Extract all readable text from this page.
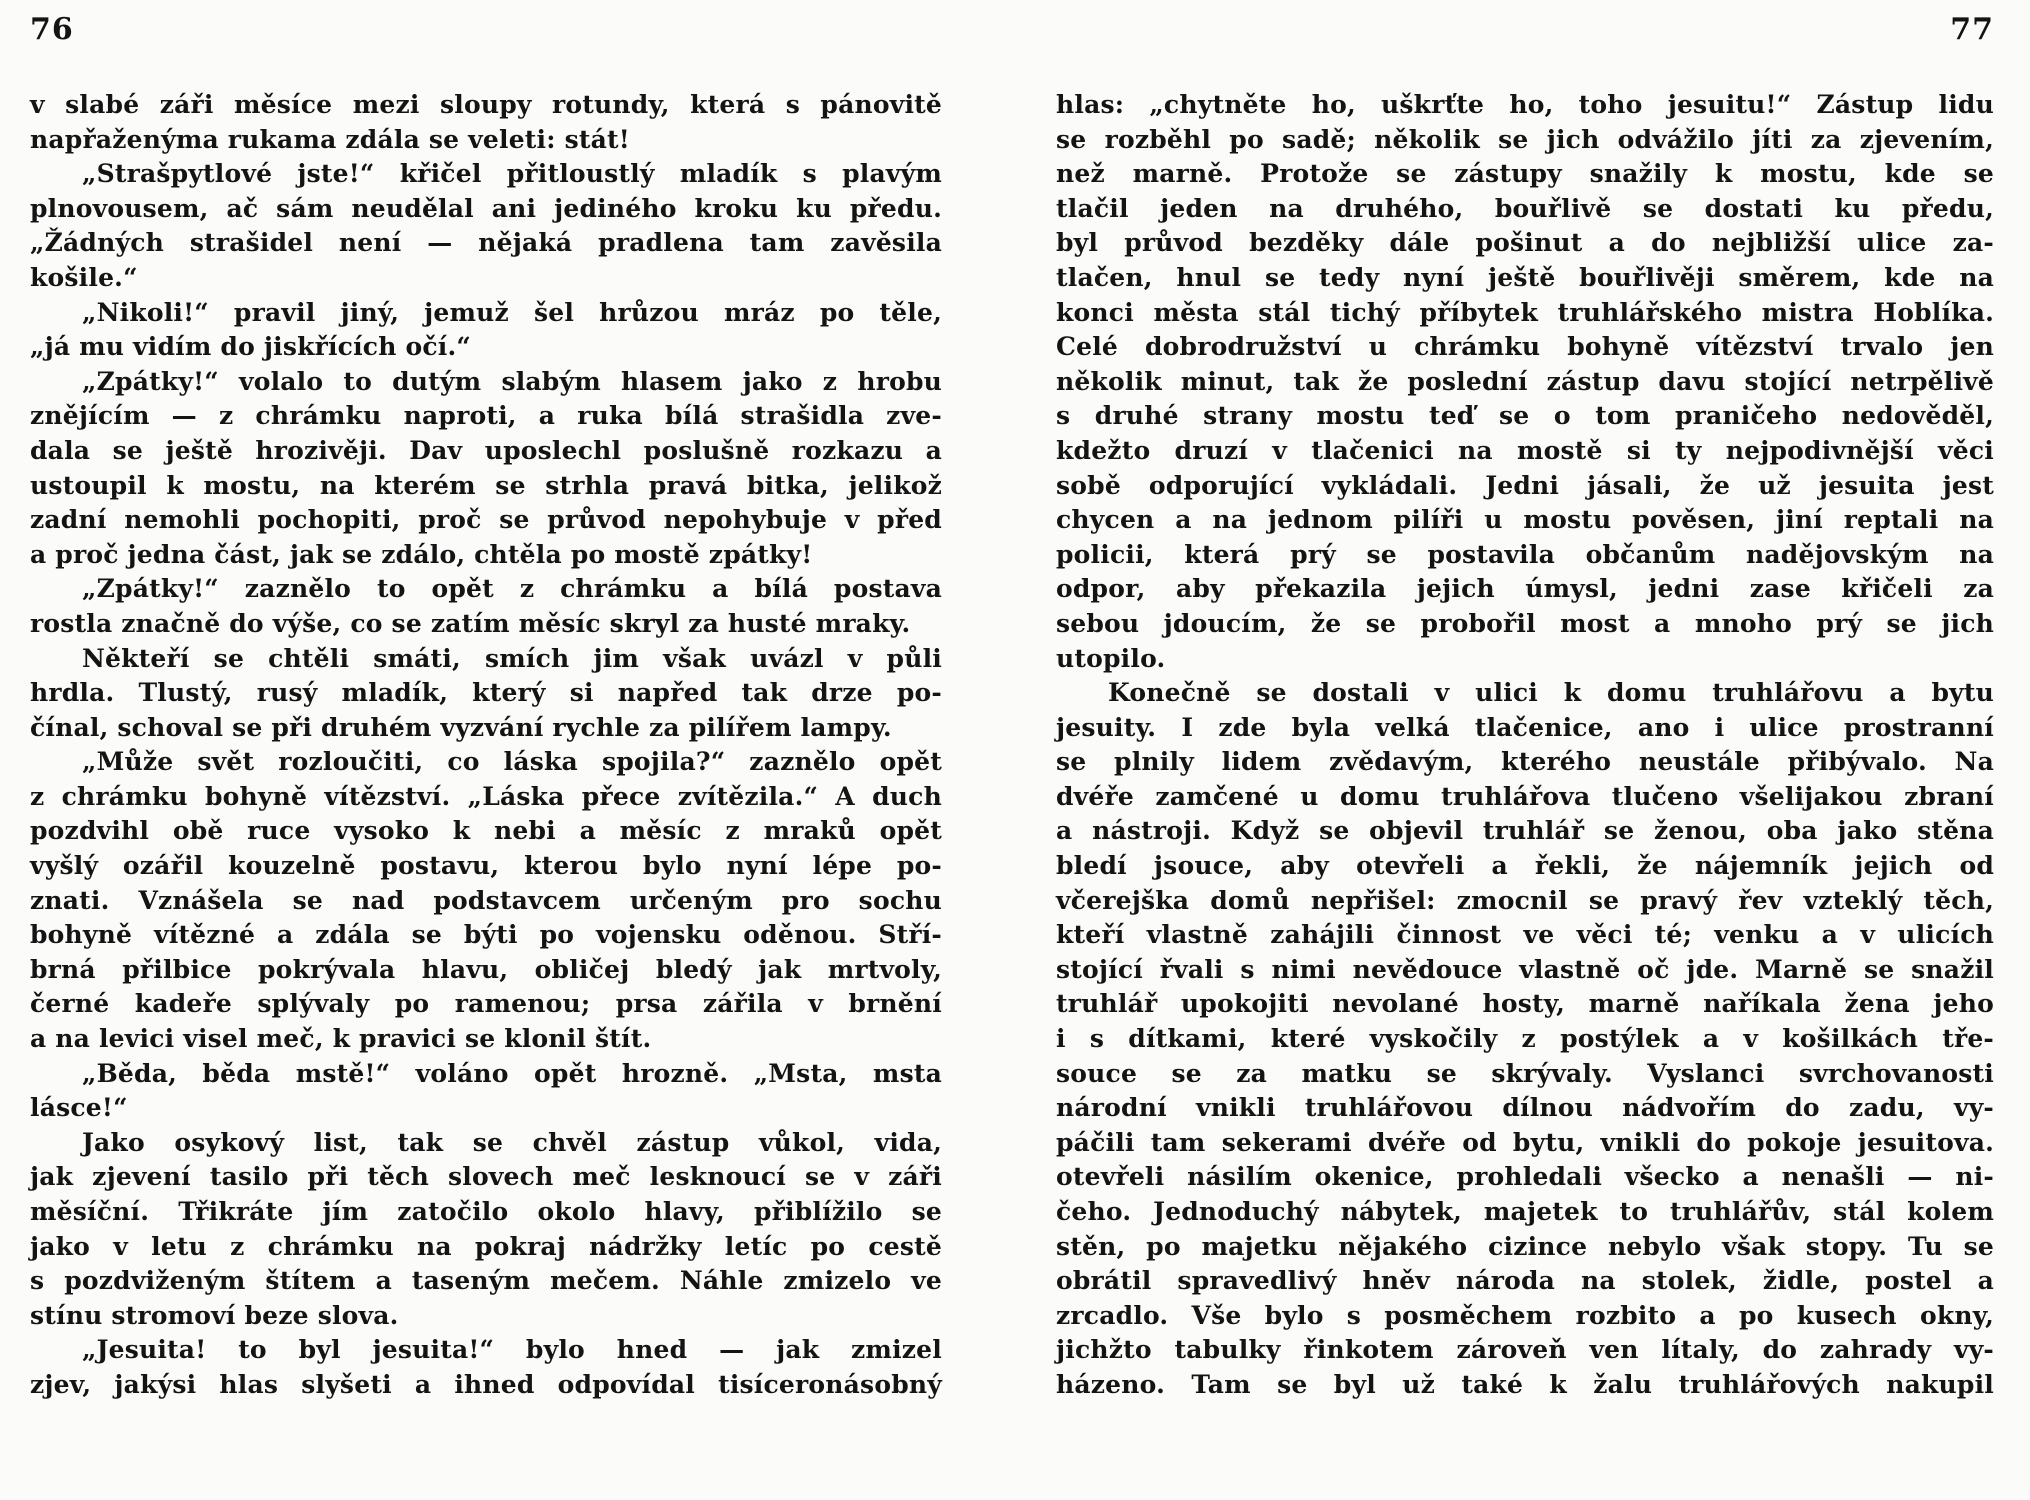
76	77
v slabé záři měsíce mezi sloupy rotundy, která s pánovitě
napřaženýma rukama zdála se veleti: stát!
„Strašpytlové jste!“ křičel přitloustlý mladík s plavým
plnovousem, ač sám neudělal ani jediného kroku ku předu.
„Žádných strašidel není — nějaká pradlena tam zavěsila
košile.“
„Nikoli!“ pravil jiný, jemuž šel hrůzou mráz po těle,
„já mu vidím do jiskřících očí.“
„Zpátky!“ volalo to dutým slabým hlasem jako z hrobu
znějícím — z chrámku naproti, a ruka bílá strašidla zve-
dala se ještě hrozivěji. Dav uposlechl poslušně rozkazu a
ustoupil k mostu, na kterém se strhla pravá bitka, jelikož
zadní nemohli pochopiti, proč se průvod nepohybuje v před
a proč jedna část, jak se zdálo, chtěla po mostě zpátky!
„Zpátky!“ zaznělo to opět z chrámku a bílá postava
rostla značně do výše, co se zatím měsíc skryl za husté mraky.
Někteří se chtěli smáti, smích jim však uvázl v půli
hrdla. Tlustý, rusý mladík, který si napřed tak drze po-
čínal, schoval se při druhém vyzvání rychle za pilířem lampy.
„Může svět rozloučiti, co láska spojila?“ zaznělo opět
z chrámku bohyně vítězství. „Láska přece zvítězila.“ A duch
pozdvihl obě ruce vysoko k nebi a měsíc z mraků opět
vyšlý ozářil kouzelně postavu, kterou bylo nyní lépe po-
znati. Vznášela se nad podstavcem určeným pro sochu
bohyně vítězné a zdála se býti po vojensku oděnou. Stří-
brná přilbice pokrývala hlavu, obličej bledý jak mrtvoly,
černé kadeře splývaly po ramenou; prsa zářila v brnění
a na levici visel meč, k pravici se klonil štít.
„Běda, běda mstě!“ voláno opět hrozně. „Msta, msta
lásce!“
Jako osykový list, tak se chvěl zástup vůkol, vida,
jak zjevení tasilo při těch slovech meč lesknoucí se v záři
měsíční. Třikráte jím zatočilo okolo hlavy, přiblížilo se
jako v letu z chrámku na pokraj nádržky letíc po cestě
s pozdviženým štítem a taseným mečem. Náhle zmizelo ve
stínu stromoví beze slova.
„Jesuita! to byl jesuita!“ bylo hned — jak zmizel
zjev, jakýsi hlas slyšeti a ihned odpovídal tisíceronásobný
hlas: „chytněte ho, uškrťte ho, toho jesuitu!“ Zástup lidu
se rozběhl po sadě; několik se jich odvážilo jíti za zjevením,
než marně. Protože se zástupy snažily k mostu, kde se
tlačil jeden na druhého, bouřlivě se dostati ku předu,
byl průvod bezděky dále pošinut a do nejbližší ulice za-
tlačen, hnul se tedy nyní ještě bouřlivěji směrem, kde na
konci města stál tichý příbytek truhlářského mistra Hoblíka.
Celé dobrodružství u chrámku bohyně vítězství trvalo jen
několik minut, tak že poslední zástup davu stojící netrpělivě
s druhé strany mostu teď se o tom praničeho nedověděl,
kdežto druzí v tlačenici na mostě si ty nejpodivnější věci
sobě odporující vykládali. Jedni jásali, že už jesuita jest
chycen a na jednom pilíři u mostu pověsen, jiní reptali na
policii, která prý se postavila občanům nadějovským na
odpor, aby překazila jejich úmysl, jedni zase křičeli za
sebou jdoucím, že se probořil most a mnoho prý se jich
utopilo.
Konečně se dostali v ulici k domu truhlářovu a bytu
jesuity. I zde byla velká tlačenice, ano i ulice prostranní
se plnily lidem zvědavým, kterého neustále přibývalo. Na
dvéře zamčené u domu truhlářova tlučeno všelijakou zbraní
a nástroji. Když se objevil truhlář se ženou, oba jako stěna
bledí jsouce, aby otevřeli a řekli, že nájemník jejich od
včerejška domů nepřišel: zmocnil se pravý řev vzteklý těch,
kteří vlastně zahájili činnost ve věci té; venku a v ulicích
stojící řvali s nimi nevědouce vlastně oč jde. Marně se snažil
truhlář upokojiti nevolané hosty, marně naříkala žena jeho
i s dítkami, které vyskočily z postýlek a v košilkách tře-
souce se za matku se skrývaly. Vyslanci svrchovanosti
národní vnikli truhlářovou dílnou nádvořím do zadu, vy-
páčili tam sekerami dvéře od bytu, vnikli do pokoje jesuitova.
otevřeli násilím okenice, prohledali všecko a nenašli — ni-
čeho. Jednoduchý nábytek, majetek to truhlářův, stál kolem
stěn, po majetku nějakého cizince nebylo však stopy. Tu se
obrátil spravedlivý hněv národa na stolek, židle, postel a
zrcadlo. Vše bylo s posměchem rozbito a po kusech okny,
jichžto tabulky řinkotem zároveň ven lítaly, do zahrady vy-
házeno. Tam se byl už také k žalu truhlářových nakupil
